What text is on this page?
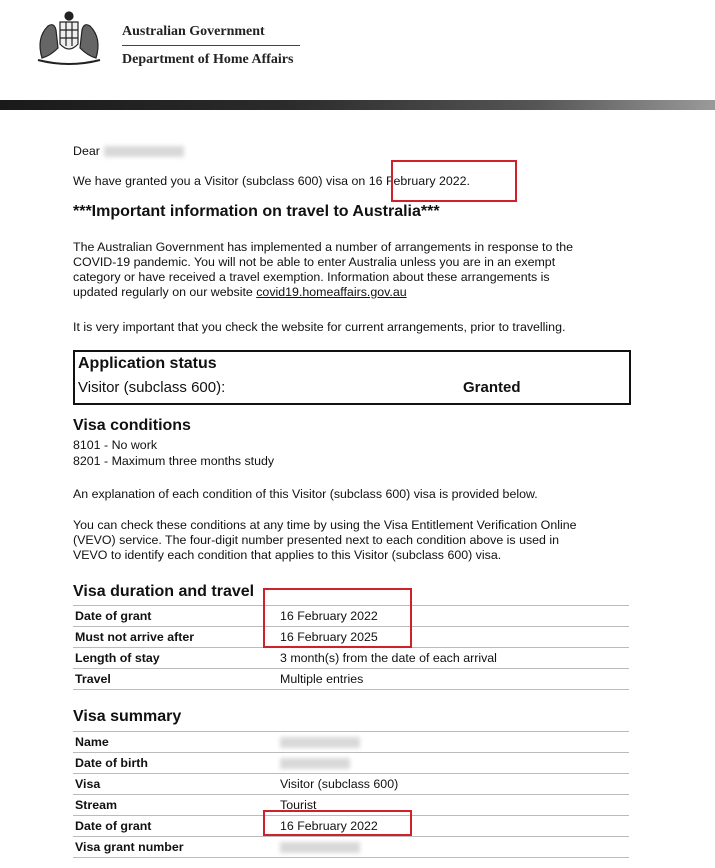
Australian Government
Department of Home Affairs
Dear
We have granted you a Visitor (subclass 600) visa on 16 February 2022.
***Important information on travel to Australia***
The Australian Government has implemented a number of arrangements in response to the
COVID-19 pandemic. You will not be able to enter Australia unless you are in an exempt
category or have received a travel exemption. Information about these arrangements is
updated regularly on our website covid19.homeaffairs.gov.au
It is very important that you check the website for current arrangements, prior to travelling.
Application status
Visitor (subclass 600):	Granted
Visa conditions
8101 - No work
8201 - Maximum three months study
An explanation of each condition of this Visitor (subclass 600) visa is provided below.
You can check these conditions at any time by using the Visa Entitlement Verification Online
(VEVO) service. The four-digit number presented next to each condition above is used in
VEVO to identify each condition that applies to this Visitor (subclass 600) visa.
Visa duration and travel
Date of grant	16 February 2022
Must not arrive after	16 February 2025
Length of stay	3 month(s) from the date of each arrival
Travel	Multiple entries
Visa summary
Name
Date of birth
Visa	Visitor (subclass 600)
Stream	Tourist
Date of grant	16 February 2022
Visa grant number
